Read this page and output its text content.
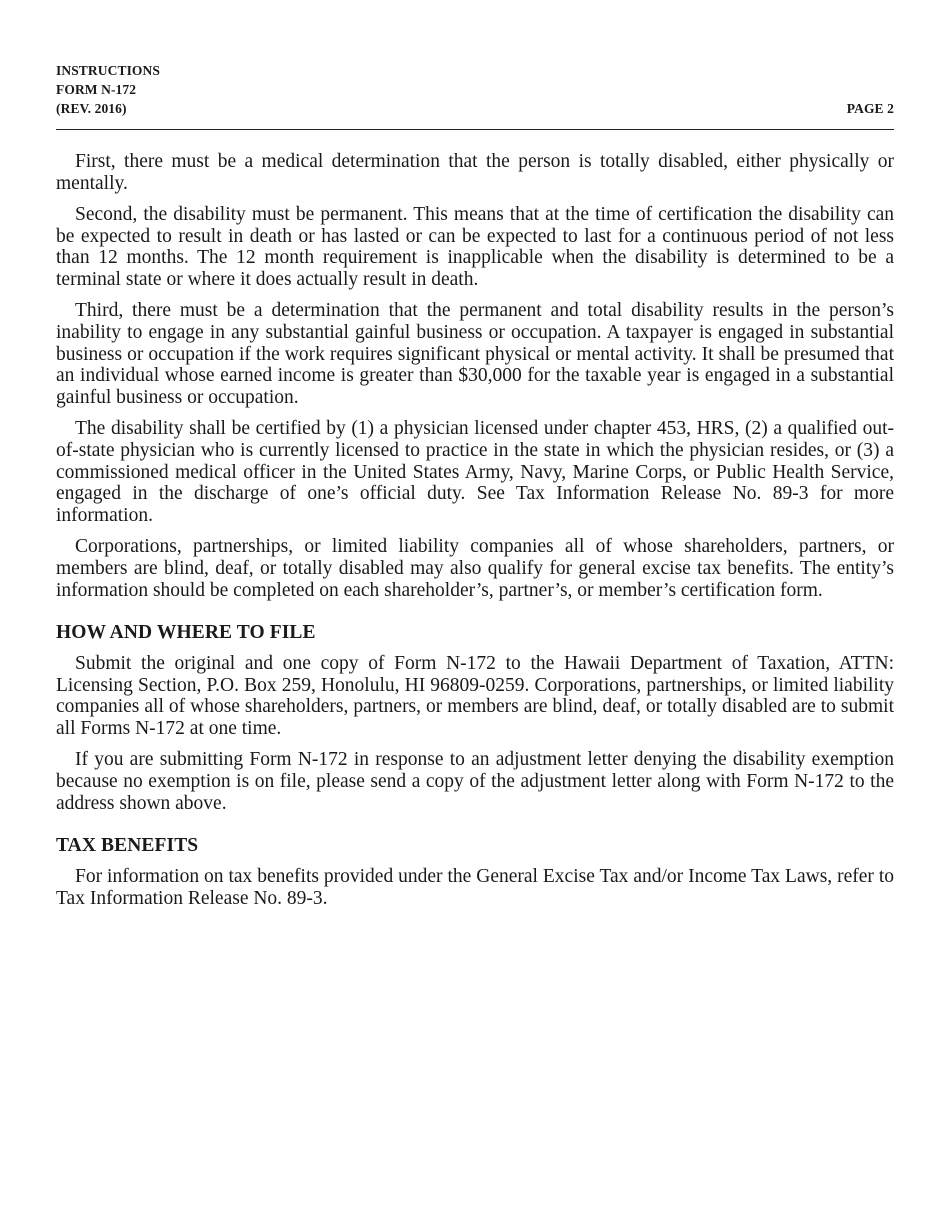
INSTRUCTIONS
FORM N-172
(REV. 2016)	PAGE 2

First, there must be a medical determination that the person is totally disabled, either physically or mentally.

Second, the disability must be permanent. This means that at the time of certification the disability can be expected to result in death or has lasted or can be expected to last for a continuous period of not less than 12 months. The 12 month requirement is inapplicable when the disability is determined to be a terminal state or where it does actually result in death.

Third, there must be a determination that the permanent and total disability results in the person’s inability to engage in any substantial gainful business or occupation. A taxpayer is engaged in substantial business or occupation if the work requires significant physical or mental activity. It shall be presumed that an individual whose earned income is greater than $30,000 for the taxable year is engaged in a substantial gainful business or occupation.

The disability shall be certified by (1) a physician licensed under chapter 453, HRS, (2) a qualified out-of-state physician who is currently licensed to practice in the state in which the physician resides, or (3) a commissioned medical officer in the United States Army, Navy, Marine Corps, or Public Health Service, engaged in the discharge of one’s official duty. See Tax Information Release No. 89-3 for more information.

Corporations, partnerships, or limited liability companies all of whose shareholders, partners, or members are blind, deaf, or totally disabled may also qualify for general excise tax benefits. The entity’s information should be completed on each shareholder’s, partner’s, or member’s certification form.

HOW AND WHERE TO FILE

Submit the original and one copy of Form N-172 to the Hawaii Department of Taxation, ATTN: Licensing Section, P.O. Box 259, Honolulu, HI 96809-0259. Corporations, partnerships, or limited liability companies all of whose shareholders, partners, or members are blind, deaf, or totally disabled are to submit all Forms N-172 at one time.

If you are submitting Form N-172 in response to an adjustment letter denying the disability exemption because no exemption is on file, please send a copy of the adjustment letter along with Form N-172 to the address shown above.

TAX BENEFITS

For information on tax benefits provided under the General Excise Tax and/or Income Tax Laws, refer to Tax Information Release No. 89-3.
